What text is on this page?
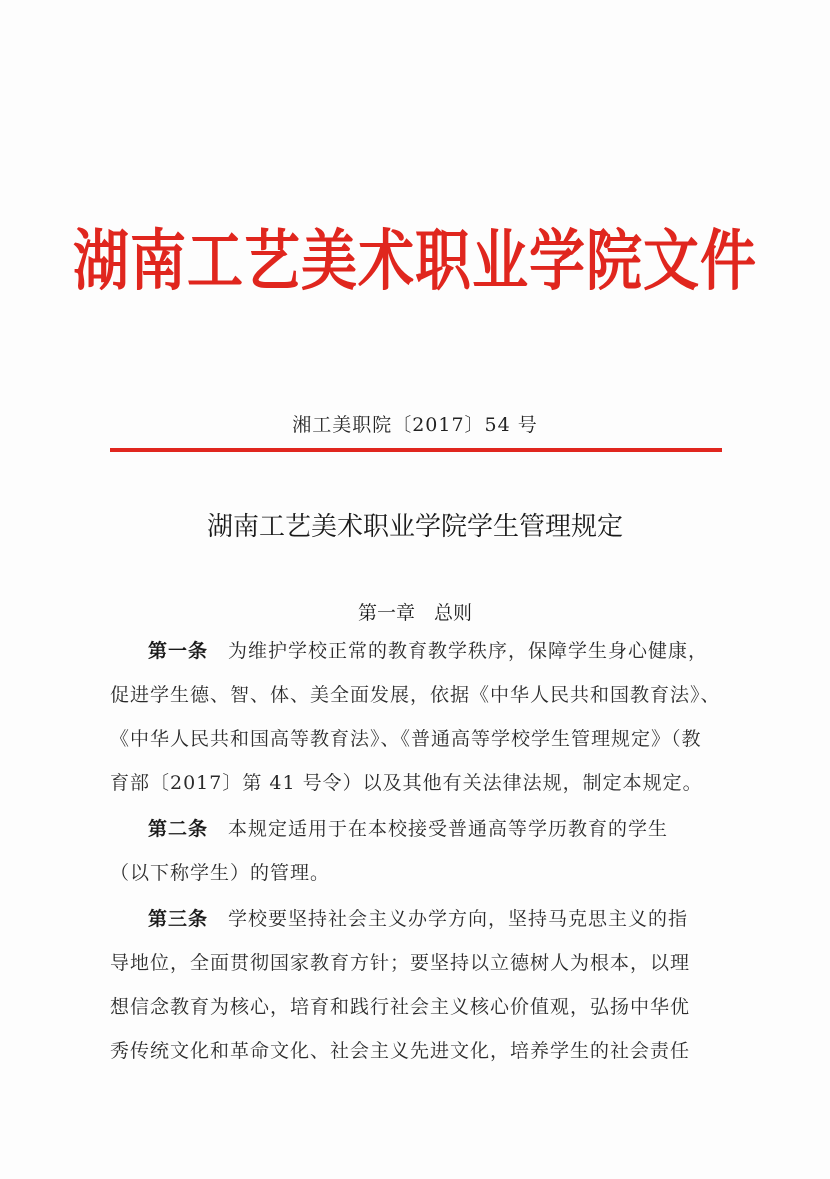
湖南工艺美术职业学院文件
湘工美职院〔2017〕54 号
湖南工艺美术职业学院学生管理规定
第一章　总则
第一条 为维护学校正常的教育教学秩序，保障学生身心健康，
促进学生德、智、体、美全面发展，依据《中华人民共和国教育法》、
《中华人民共和国高等教育法》、《普通高等学校学生管理规定》（教
育部〔2017〕第 41 号令）以及其他有关法律法规，制定本规定。
第二条 本规定适用于在本校接受普通高等学历教育的学生
（以下称学生）的管理。
第三条 学校要坚持社会主义办学方向，坚持马克思主义的指
导地位，全面贯彻国家教育方针；要坚持以立德树人为根本，以理
想信念教育为核心，培育和践行社会主义核心价值观，弘扬中华优
秀传统文化和革命文化、社会主义先进文化，培养学生的社会责任
